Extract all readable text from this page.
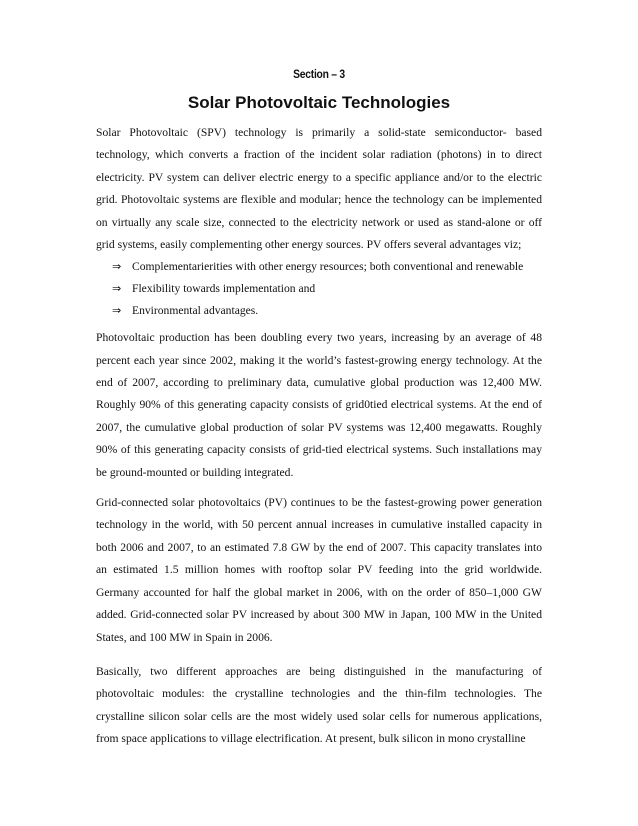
Section – 3
Solar Photovoltaic Technologies

Solar Photovoltaic (SPV) technology is primarily a solid-state semiconductor- based technology, which converts a fraction of the incident solar radiation (photons) in to direct electricity. PV system can deliver electric energy to a specific appliance and/or to the electric grid. Photovoltaic systems are flexible and modular; hence the technology can be implemented on virtually any scale size, connected to the electricity network or used as stand-alone or off grid systems, easily complementing other energy sources. PV offers several advantages viz;

⇒ Complementarierities with other energy resources; both conventional and renewable
⇒ Flexibility towards implementation and
⇒ Environmental advantages.

Photovoltaic production has been doubling every two years, increasing by an average of 48 percent each year since 2002, making it the world’s fastest-growing energy technology. At the end of 2007, according to preliminary data, cumulative global production was 12,400 MW. Roughly 90% of this generating capacity consists of grid0tied electrical systems. At the end of 2007, the cumulative global production of solar PV systems was 12,400 megawatts. Roughly 90% of this generating capacity consists of grid-tied electrical systems. Such installations may be ground-mounted or building integrated.

Grid-connected solar photovoltaics (PV) continues to be the fastest-growing power generation technology in the world, with 50 percent annual increases in cumulative installed capacity in both 2006 and 2007, to an estimated 7.8 GW by the end of 2007. This capacity translates into an estimated 1.5 million homes with rooftop solar PV feeding into the grid worldwide. Germany accounted for half the global market in 2006, with on the order of 850–1,000 GW added. Grid-connected solar PV increased by about 300 MW in Japan, 100 MW in the United States, and 100 MW in Spain in 2006.

Basically, two different approaches are being distinguished in the manufacturing of photovoltaic modules: the crystalline technologies and the thin-film technologies. The crystalline silicon solar cells are the most widely used solar cells for numerous applications, from space applications to village electrification. At present, bulk silicon in mono crystalline
